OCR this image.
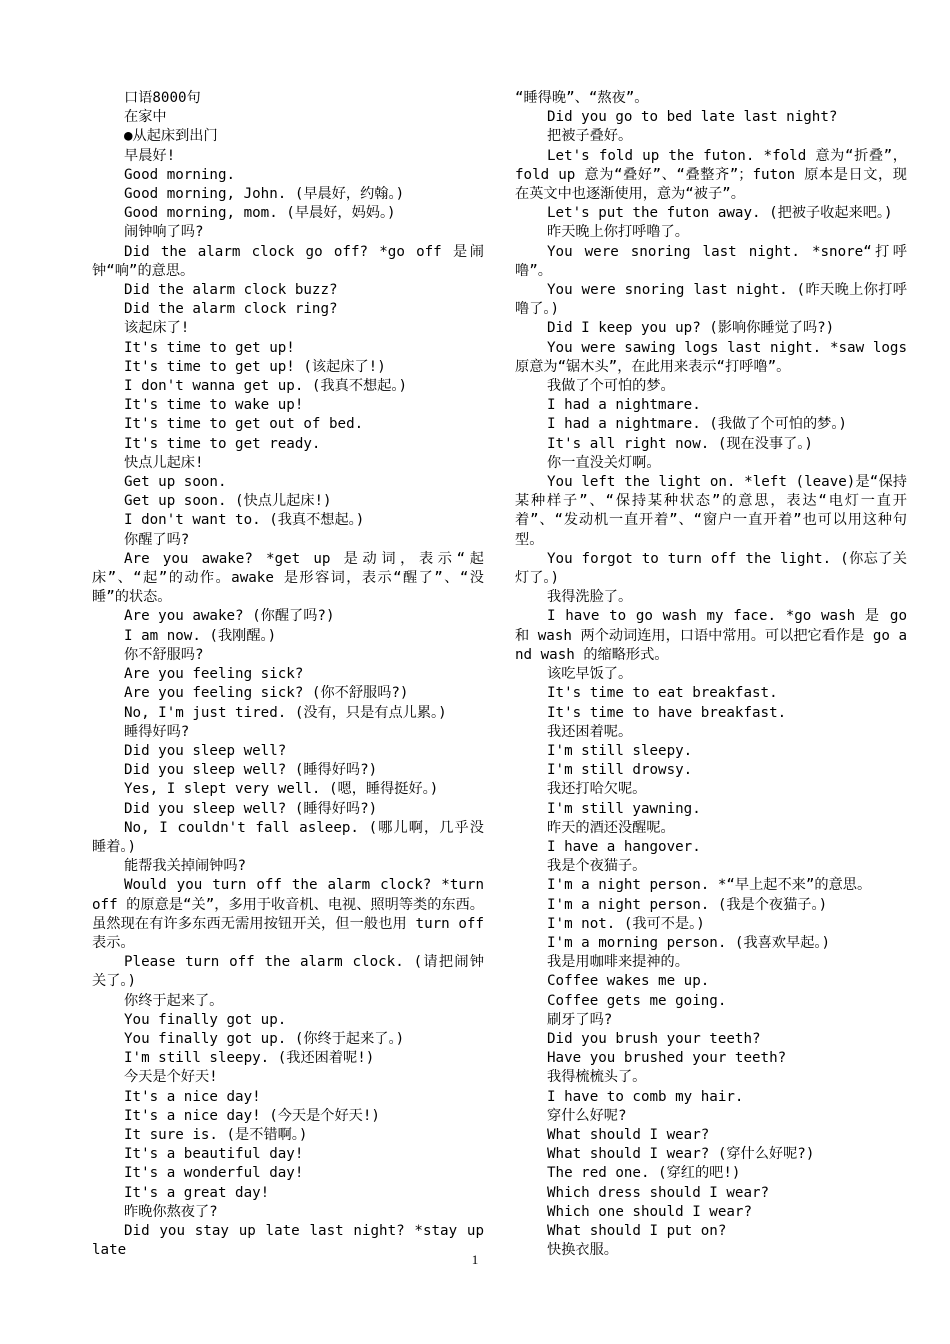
口语8000句

在家中

●从起床到出门

早晨好!

Good morning.

Good morning, John. (早晨好，约翰。)

Good morning, mom. (早晨好，妈妈。)

闹钟响了吗?

Did the alarm clock go off? *go off 是闹钟“响”的意思。

Did the alarm clock buzz?

Did the alarm clock ring?

该起床了!

It's time to get up!

It's time to get up! (该起床了!)

I don't wanna get up. (我真不想起。)

It's time to wake up!

It's time to get out of bed.

It's time to get ready.

快点儿起床!

Get up soon.

Get up soon. (快点儿起床!)

I don't want to. (我真不想起。)

你醒了吗?

Are you awake? *get up 是动词，表示“起床”、“起”的动作。awake 是形容词，表示“醒了”、“没睡”的状态。

Are you awake? (你醒了吗?)

I am now. (我刚醒。)

你不舒服吗?

Are you feeling sick?

Are you feeling sick? (你不舒服吗?)

No, I'm just tired. (没有，只是有点儿累。)

睡得好吗?

Did you sleep well?

Did you sleep well? (睡得好吗?)

Yes, I slept very well. (嗯，睡得挺好。)

Did you sleep well? (睡得好吗?)

No, I couldn't fall asleep. (哪儿啊，几乎没睡着。)

能帮我关掉闹钟吗?

Would you turn off the alarm clock? *turn off 的原意是“关”，多用于收音机、电视、照明等类的东西。虽然现在有许多东西无需用按钮开关，但一般也用 turn off 表示。

Please turn off the alarm clock. (请把闹钟关了。)

你终于起来了。

You finally got up.

You finally got up. (你终于起来了。)

I'm still sleepy. (我还困着呢!)

今天是个好天!

It's a nice day!

It's a nice day! (今天是个好天!)

It sure is. (是不错啊。)

It's a beautiful day!

It's a wonderful day!

It's a great day!

昨晚你熬夜了?

Did you stay up late last night? *stay up late

“睡得晚”、“熬夜”。

Did you go to bed late last night?

把被子叠好。

Let's fold up the futon. *fold 意为“折叠”，fold up 意为“叠好”、“叠整齐”；futon 原本是日文，现在英文中也逐渐使用，意为“被子”。

Let's put the futon away. (把被子收起来吧。)

昨天晚上你打呼噜了。

You were snoring last night. *snore“打呼噜”。

You were snoring last night. (昨天晚上你打呼噜了。)

Did I keep you up? (影响你睡觉了吗?)

You were sawing logs last night. *saw logs 原意为“锯木头”，在此用来表示“打呼噜”。

我做了个可怕的梦。

I had a nightmare.

I had a nightmare. (我做了个可怕的梦。)

It's all right now. (现在没事了。)

你一直没关灯啊。

You left the light on. *left (leave)是“保持某种样子”、“保持某种状态”的意思，表达“电灯一直开着”、“发动机一直开着”、“窗户一直开着”也可以用这种句型。

You forgot to turn off the light. (你忘了关灯了。)

我得洗脸了。

I have to go wash my face. *go wash 是 go 和 wash 两个动词连用，口语中常用。可以把它看作是 go and wash 的缩略形式。

该吃早饭了。

It's time to eat breakfast.

It's time to have breakfast.

我还困着呢。

I'm still sleepy.

I'm still drowsy.

我还打哈欠呢。

I'm still yawning.

昨天的酒还没醒呢。

I have a hangover.

我是个夜猫子。

I'm a night person. *“早上起不来”的意思。

I'm a night person. (我是个夜猫子。)

I'm not. (我可不是。)

I'm a morning person. (我喜欢早起。)

我是用咖啡来提神的。

Coffee wakes me up.

Coffee gets me going.

刷牙了吗?

Did you brush your teeth?

Have you brushed your teeth?

我得梳梳头了。

I have to comb my hair.

穿什么好呢?

What should I wear?

What should I wear? (穿什么好呢?)

The red one. (穿红的吧!)

Which dress should I wear?

Which one should I wear?

What should I put on?

快换衣服。

1
